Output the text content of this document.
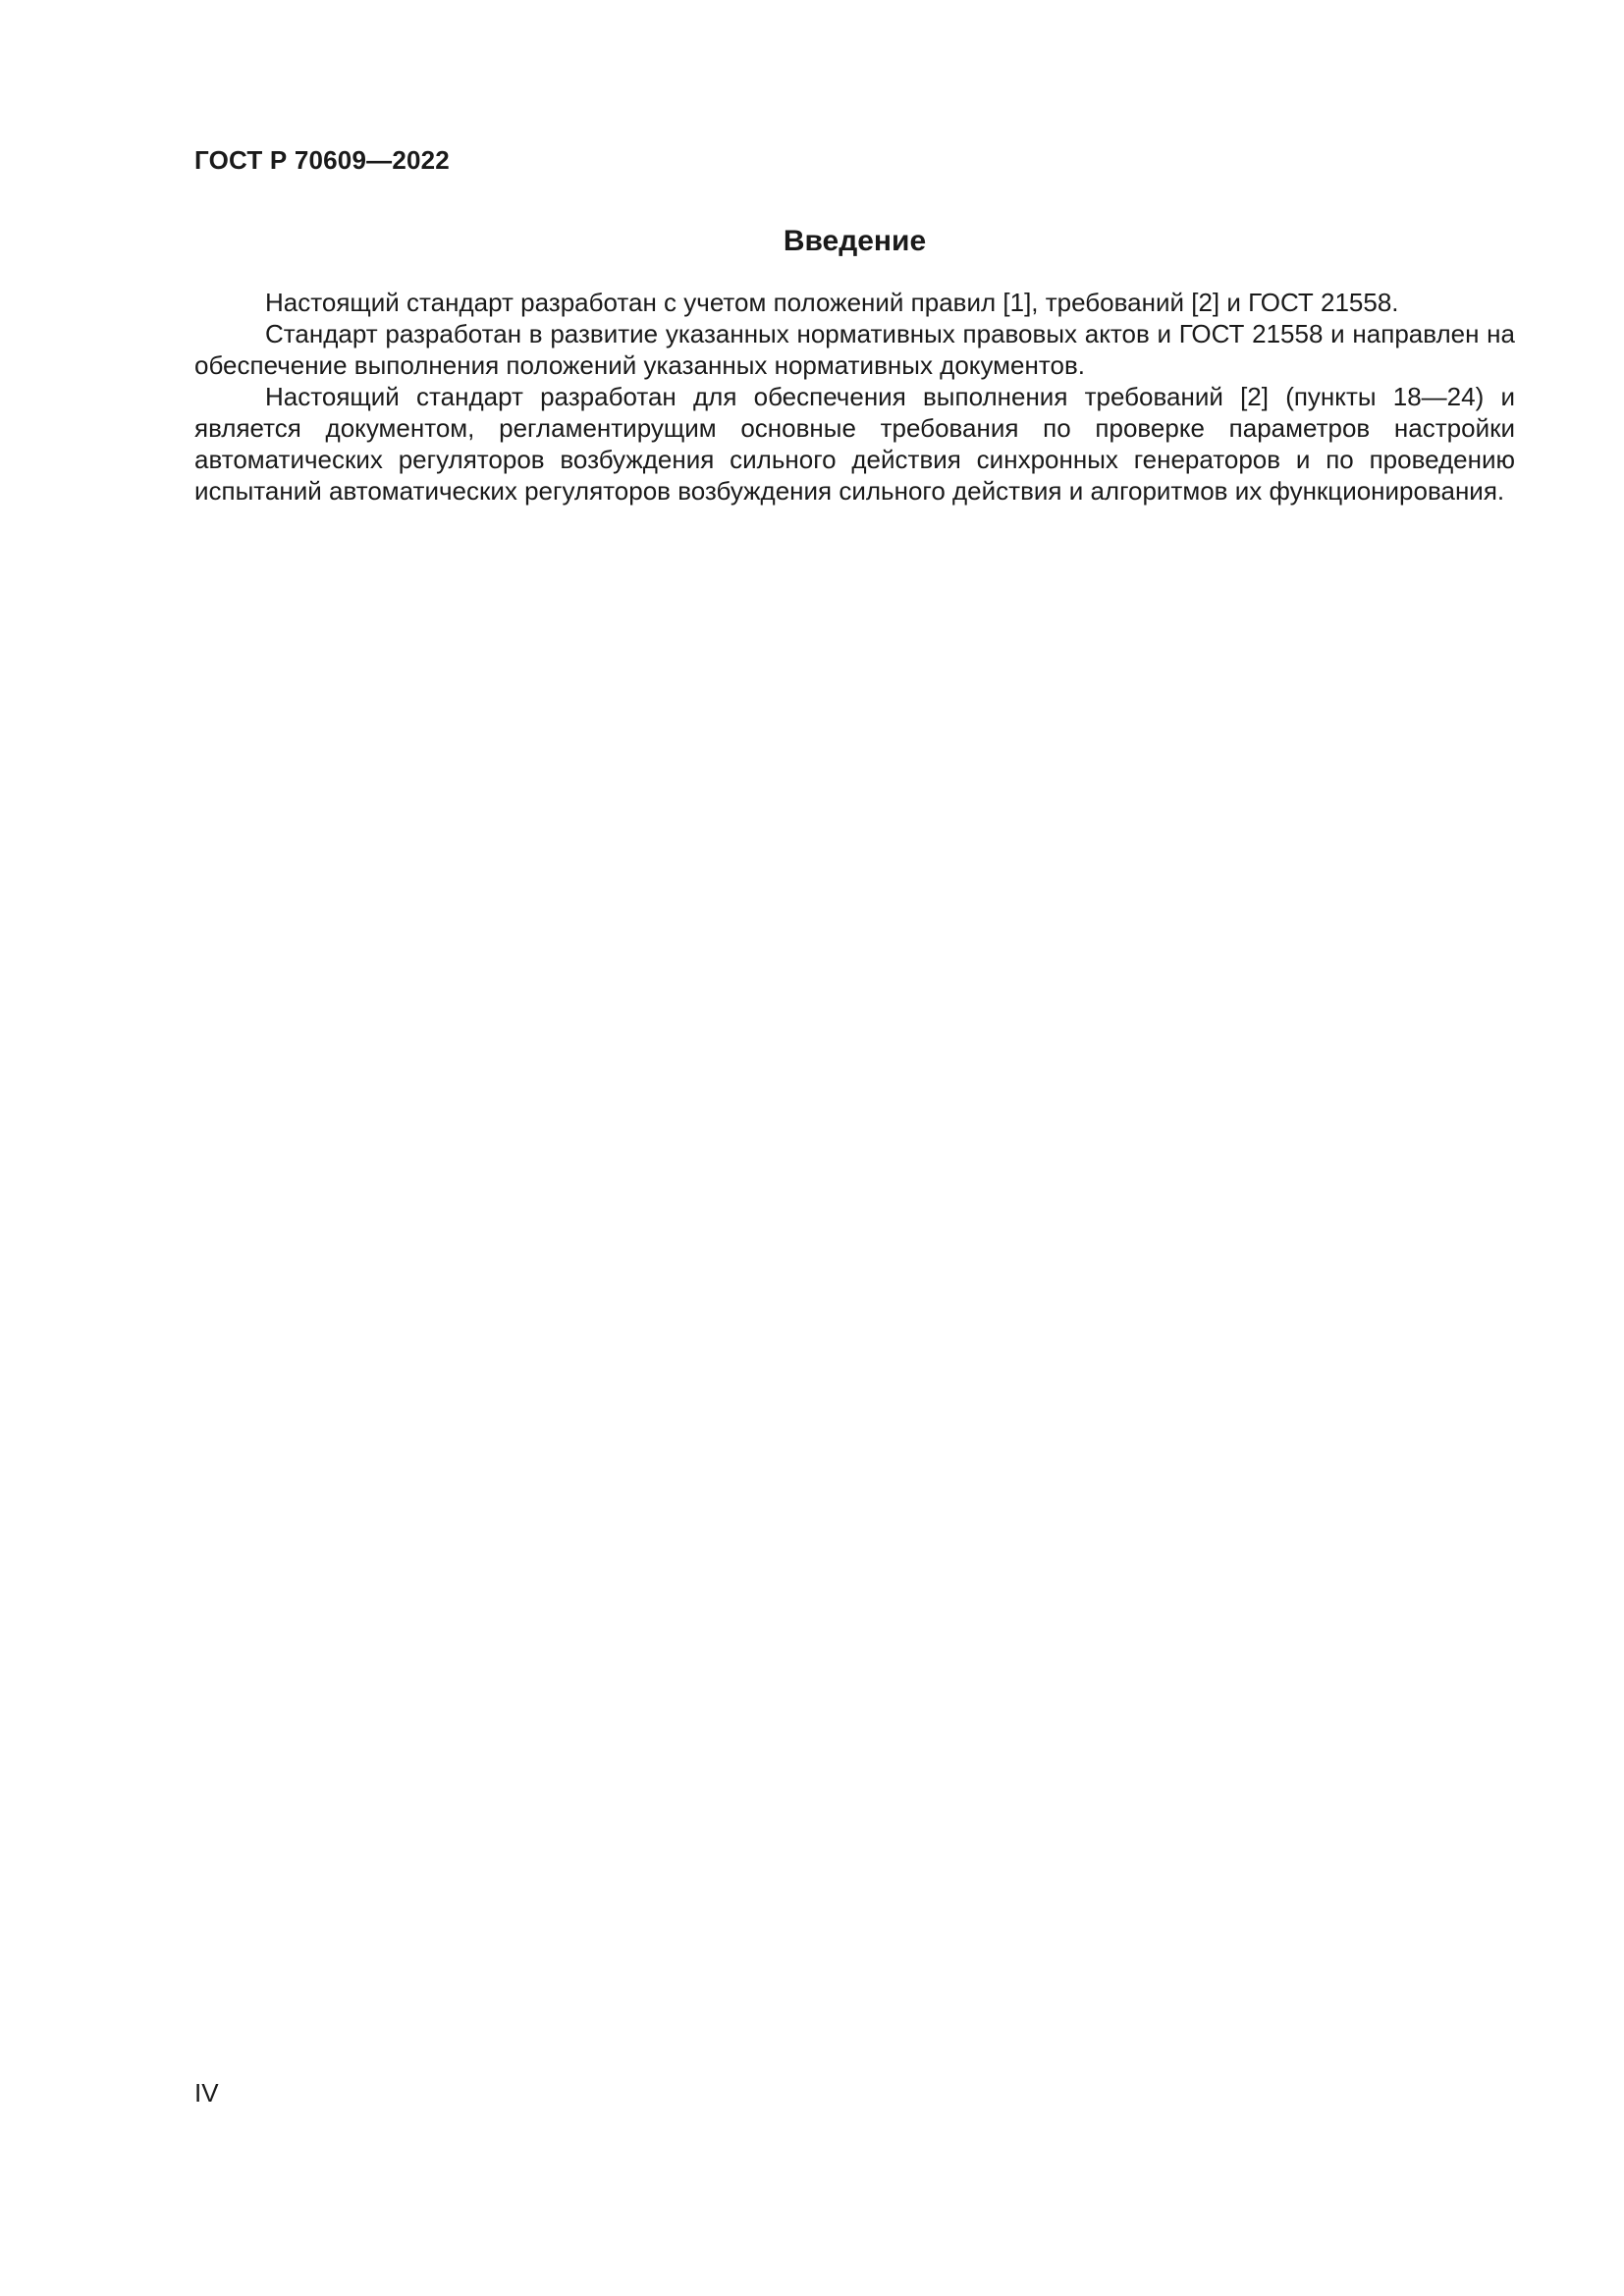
ГОСТ Р 70609—2022
Введение

Настоящий стандарт разработан с учетом положений правил [1], требований [2] и ГОСТ 21558.

Стандарт разработан в развитие указанных нормативных правовых актов и ГОСТ 21558 и направлен на обеспечение выполнения положений указанных нормативных документов.

Настоящий стандарт разработан для обеспечения выполнения требований [2] (пункты 18—24) и является документом, регламентирущим основные требования по проверке параметров настройки автоматических регуляторов возбуждения сильного действия синхронных генераторов и по проведению испытаний автоматических регуляторов возбуждения сильного действия и алгоритмов их функционирования.

IV
